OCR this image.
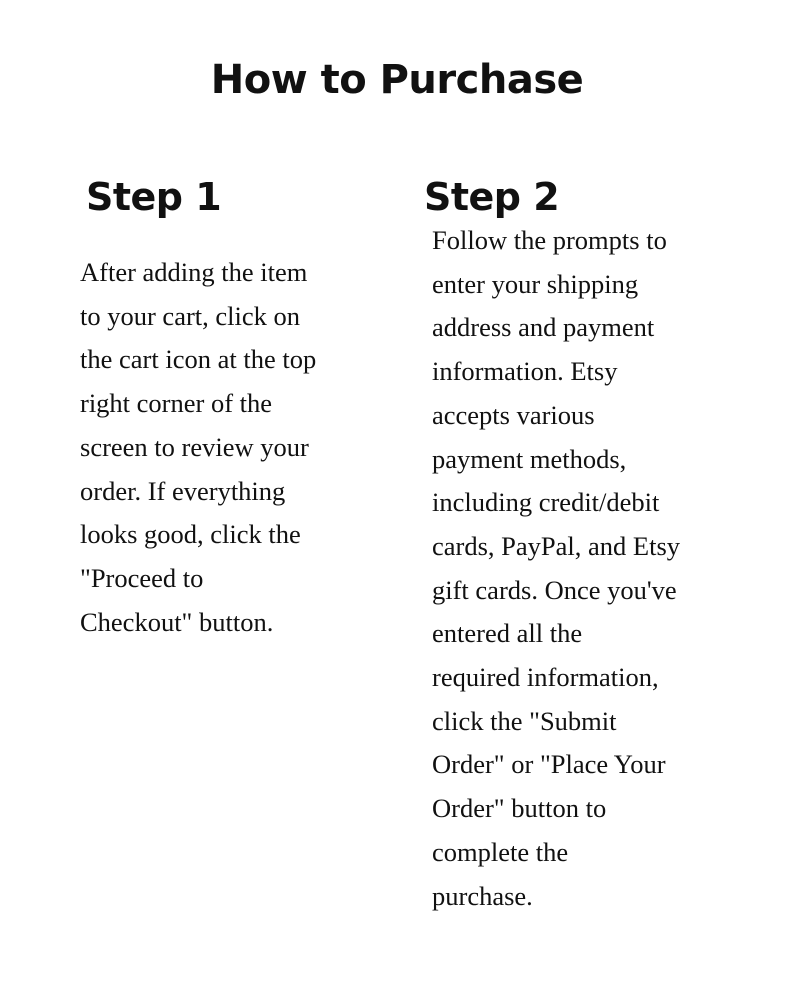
How to Purchase
Step 1
After adding the item
to your cart, click on
the cart icon at the top
right corner of the
screen to review your
order. If everything
looks good, click the
"Proceed to
Checkout" button.
Step 2
Follow the prompts to
enter your shipping
address and payment
information. Etsy
accepts various
payment methods,
including credit/debit
cards, PayPal, and Etsy
gift cards. Once you've
entered all the
required information,
click the "Submit
Order" or "Place Your
Order" button to
complete the
purchase.
